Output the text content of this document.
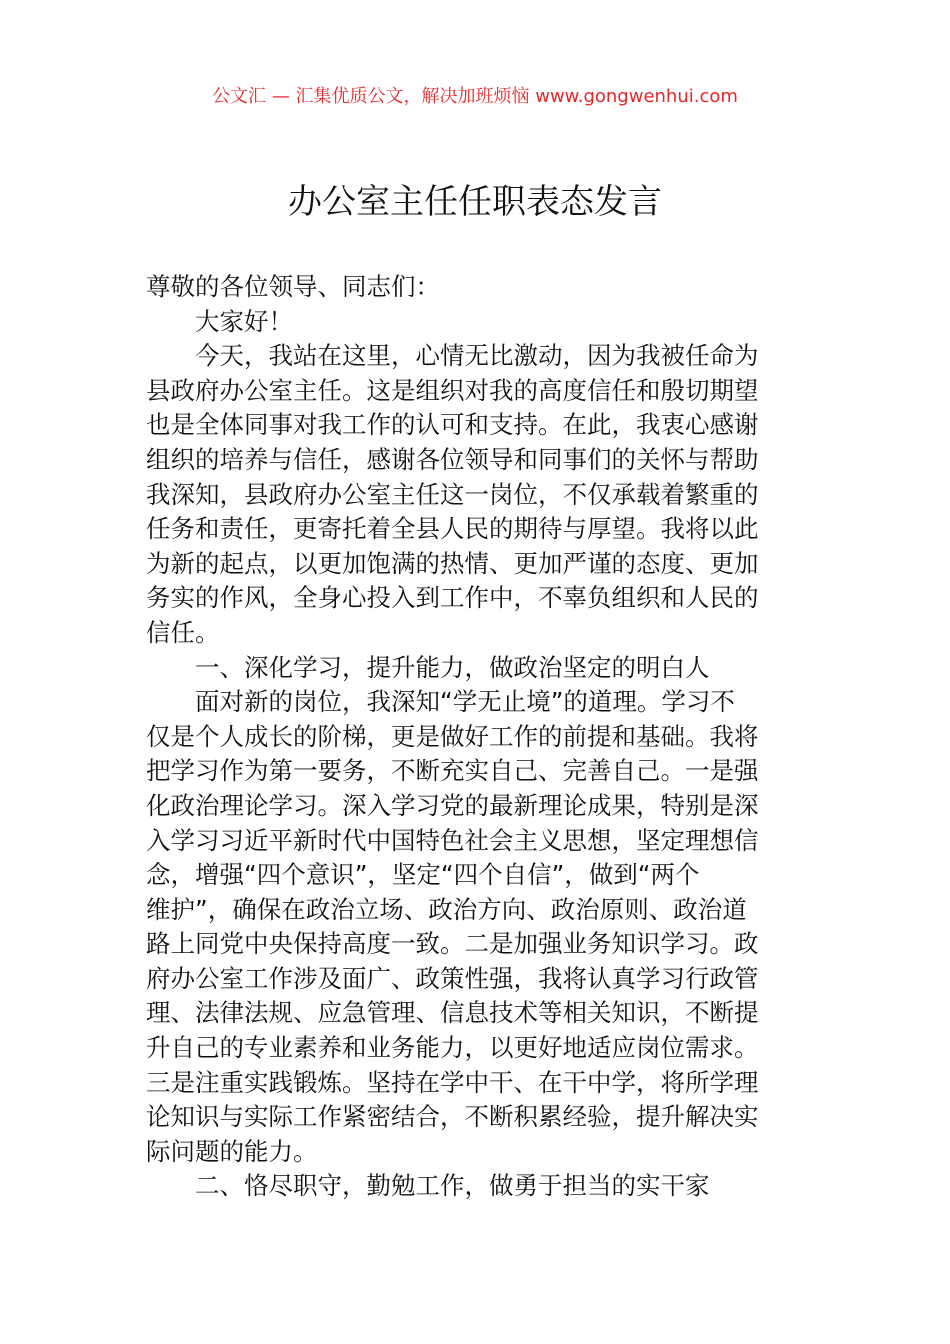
公文汇 — 汇集优质公文，解决加班烦恼 www.gongwenhui.com
办公室主任任职表态发言
尊敬的各位领导、同志们：
大家好！
今天，我站在这里，心情无比激动，因为我被任命为
县政府办公室主任。这是组织对我的高度信任和殷切期望
也是全体同事对我工作的认可和支持。在此，我衷心感谢
组织的培养与信任，感谢各位领导和同事们的关怀与帮助
我深知，县政府办公室主任这一岗位，不仅承载着繁重的
任务和责任，更寄托着全县人民的期待与厚望。我将以此
为新的起点，以更加饱满的热情、更加严谨的态度、更加
务实的作风，全身心投入到工作中，不辜负组织和人民的
信任。
一、深化学习，提升能力，做政治坚定的明白人
面对新的岗位，我深知“学无止境”的道理。学习不
仅是个人成长的阶梯，更是做好工作的前提和基础。我将
把学习作为第一要务，不断充实自己、完善自己。一是强
化政治理论学习。深入学习党的最新理论成果，特别是深
入学习习近平新时代中国特色社会主义思想，坚定理想信
念，增强“四个意识”，坚定“四个自信”，做到“两个
维护”，确保在政治立场、政治方向、政治原则、政治道
路上同党中央保持高度一致。二是加强业务知识学习。政
府办公室工作涉及面广、政策性强，我将认真学习行政管
理、法律法规、应急管理、信息技术等相关知识，不断提
升自己的专业素养和业务能力，以更好地适应岗位需求。
三是注重实践锻炼。坚持在学中干、在干中学，将所学理
论知识与实际工作紧密结合，不断积累经验，提升解决实
际问题的能力。
二、恪尽职守，勤勉工作，做勇于担当的实干家
